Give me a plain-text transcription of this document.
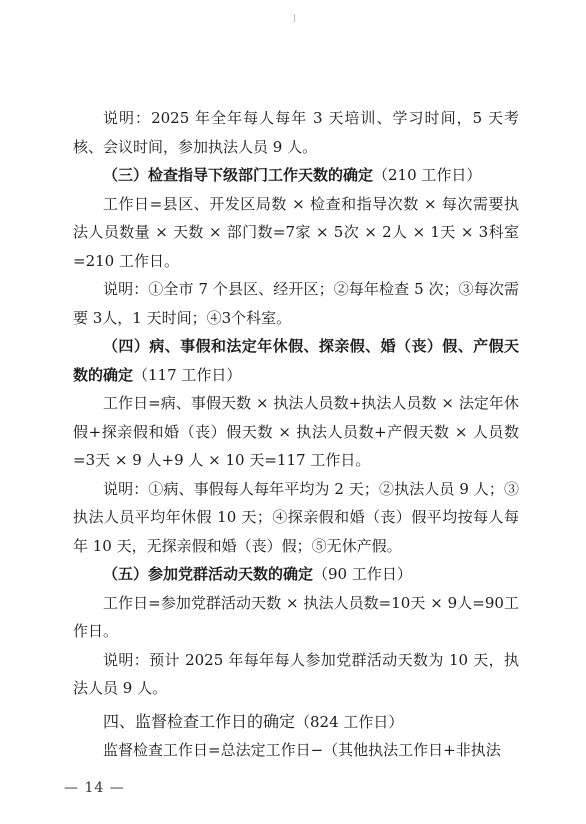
说明：2025 年全年每人每年 3 天培训、学习时间，5 天考核、会议时间，参加执法人员 9 人。

（三）检查指导下级部门工作天数的确定（210 工作日）

工作日=县区、开发区局数 × 检查和指导次数 × 每次需要执法人员数量 × 天数 × 部门数=7家 × 5次 × 2人 × 1天 × 3科室=210 工作日。

说明：①全市 7 个县区、经开区；②每年检查 5 次；③每次需要 3人，1 天时间；④3个科室。

（四）病、事假和法定年休假、探亲假、婚（丧）假、产假天数的确定（117 工作日）

工作日=病、事假天数 × 执法人员数+执法人员数 × 法定年休假+探亲假和婚（丧）假天数 × 执法人员数+产假天数 × 人员数=3天 × 9 人+9 人 × 10 天=117 工作日。

说明：①病、事假每人每年平均为 2 天；②执法人员 9 人；③执法人员平均年休假 10 天；④探亲假和婚（丧）假平均按每人每年 10 天，无探亲假和婚（丧）假；⑤无休产假。

（五）参加党群活动天数的确定（90 工作日）

工作日=参加党群活动天数 × 执法人员数=10天 × 9人=90工作日。

说明：预计 2025 年每年每人参加党群活动天数为 10 天，执法人员 9 人。

四、监督检查工作日的确定（824 工作日）

监督检查工作日=总法定工作日−（其他执法工作日+非执法

— 14 —
